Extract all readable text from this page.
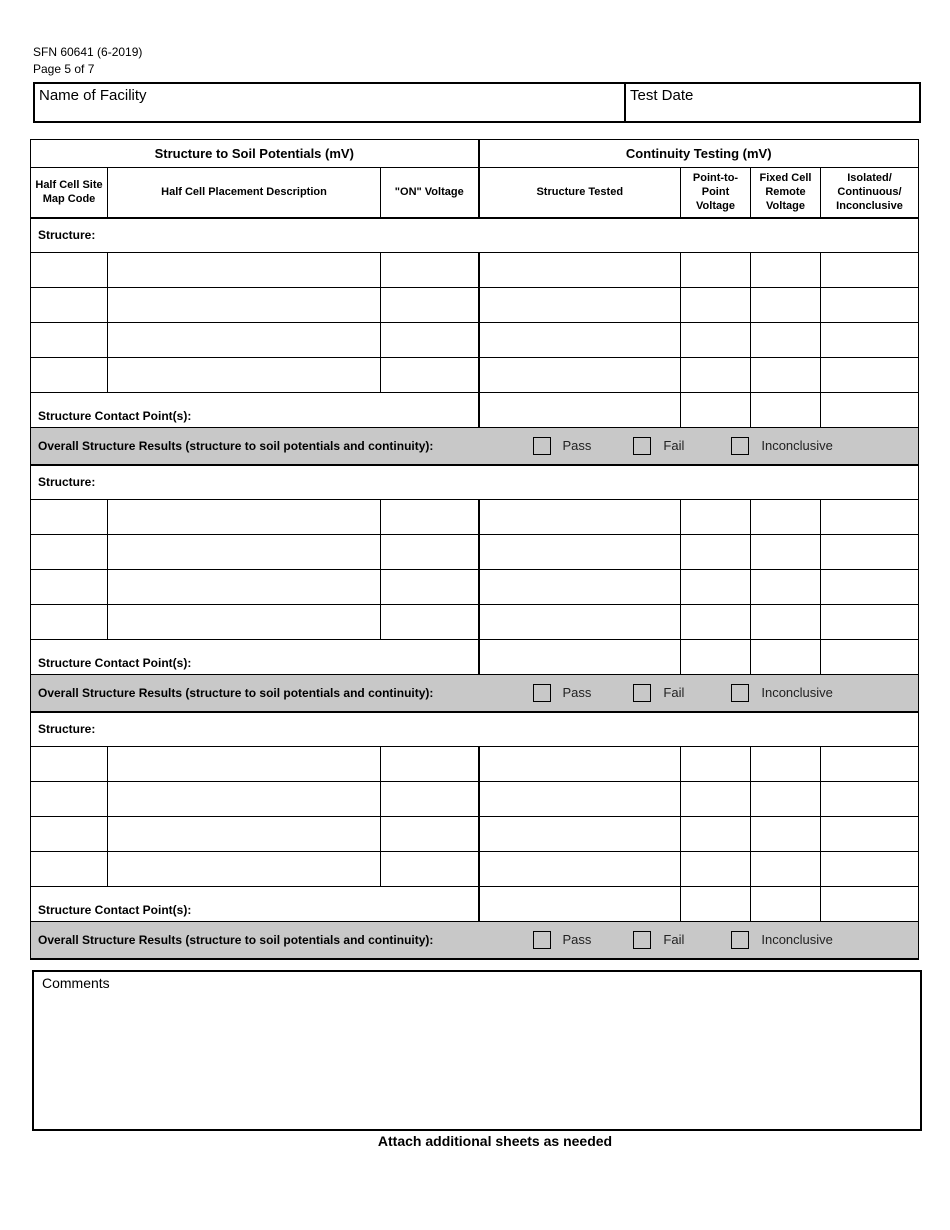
SFN 60641 (6-2019)
Page 5 of 7
Name of Facility	Test Date
Structure to Soil Potentials (mV)			Continuity Testing (mV)			
Half Cell Site Map Code	Half Cell Placement Description	"ON" Voltage	Structure Tested	Point-to-Point Voltage	Fixed Cell Remote Voltage	Isolated/ Continuous/ Inconclusive
Structure:						

Structure Contact Point(s):						
Overall Structure Results (structure to soil potentials and continuity):			Pass Fail Inconclusive			

Structure:						

Structure Contact Point(s):						
Overall Structure Results (structure to soil potentials and continuity):			Pass Fail Inconclusive			

Structure:						

Structure Contact Point(s):						
Overall Structure Results (structure to soil potentials and continuity):			Pass Fail Inconclusive			
Comments
Attach additional sheets as needed
